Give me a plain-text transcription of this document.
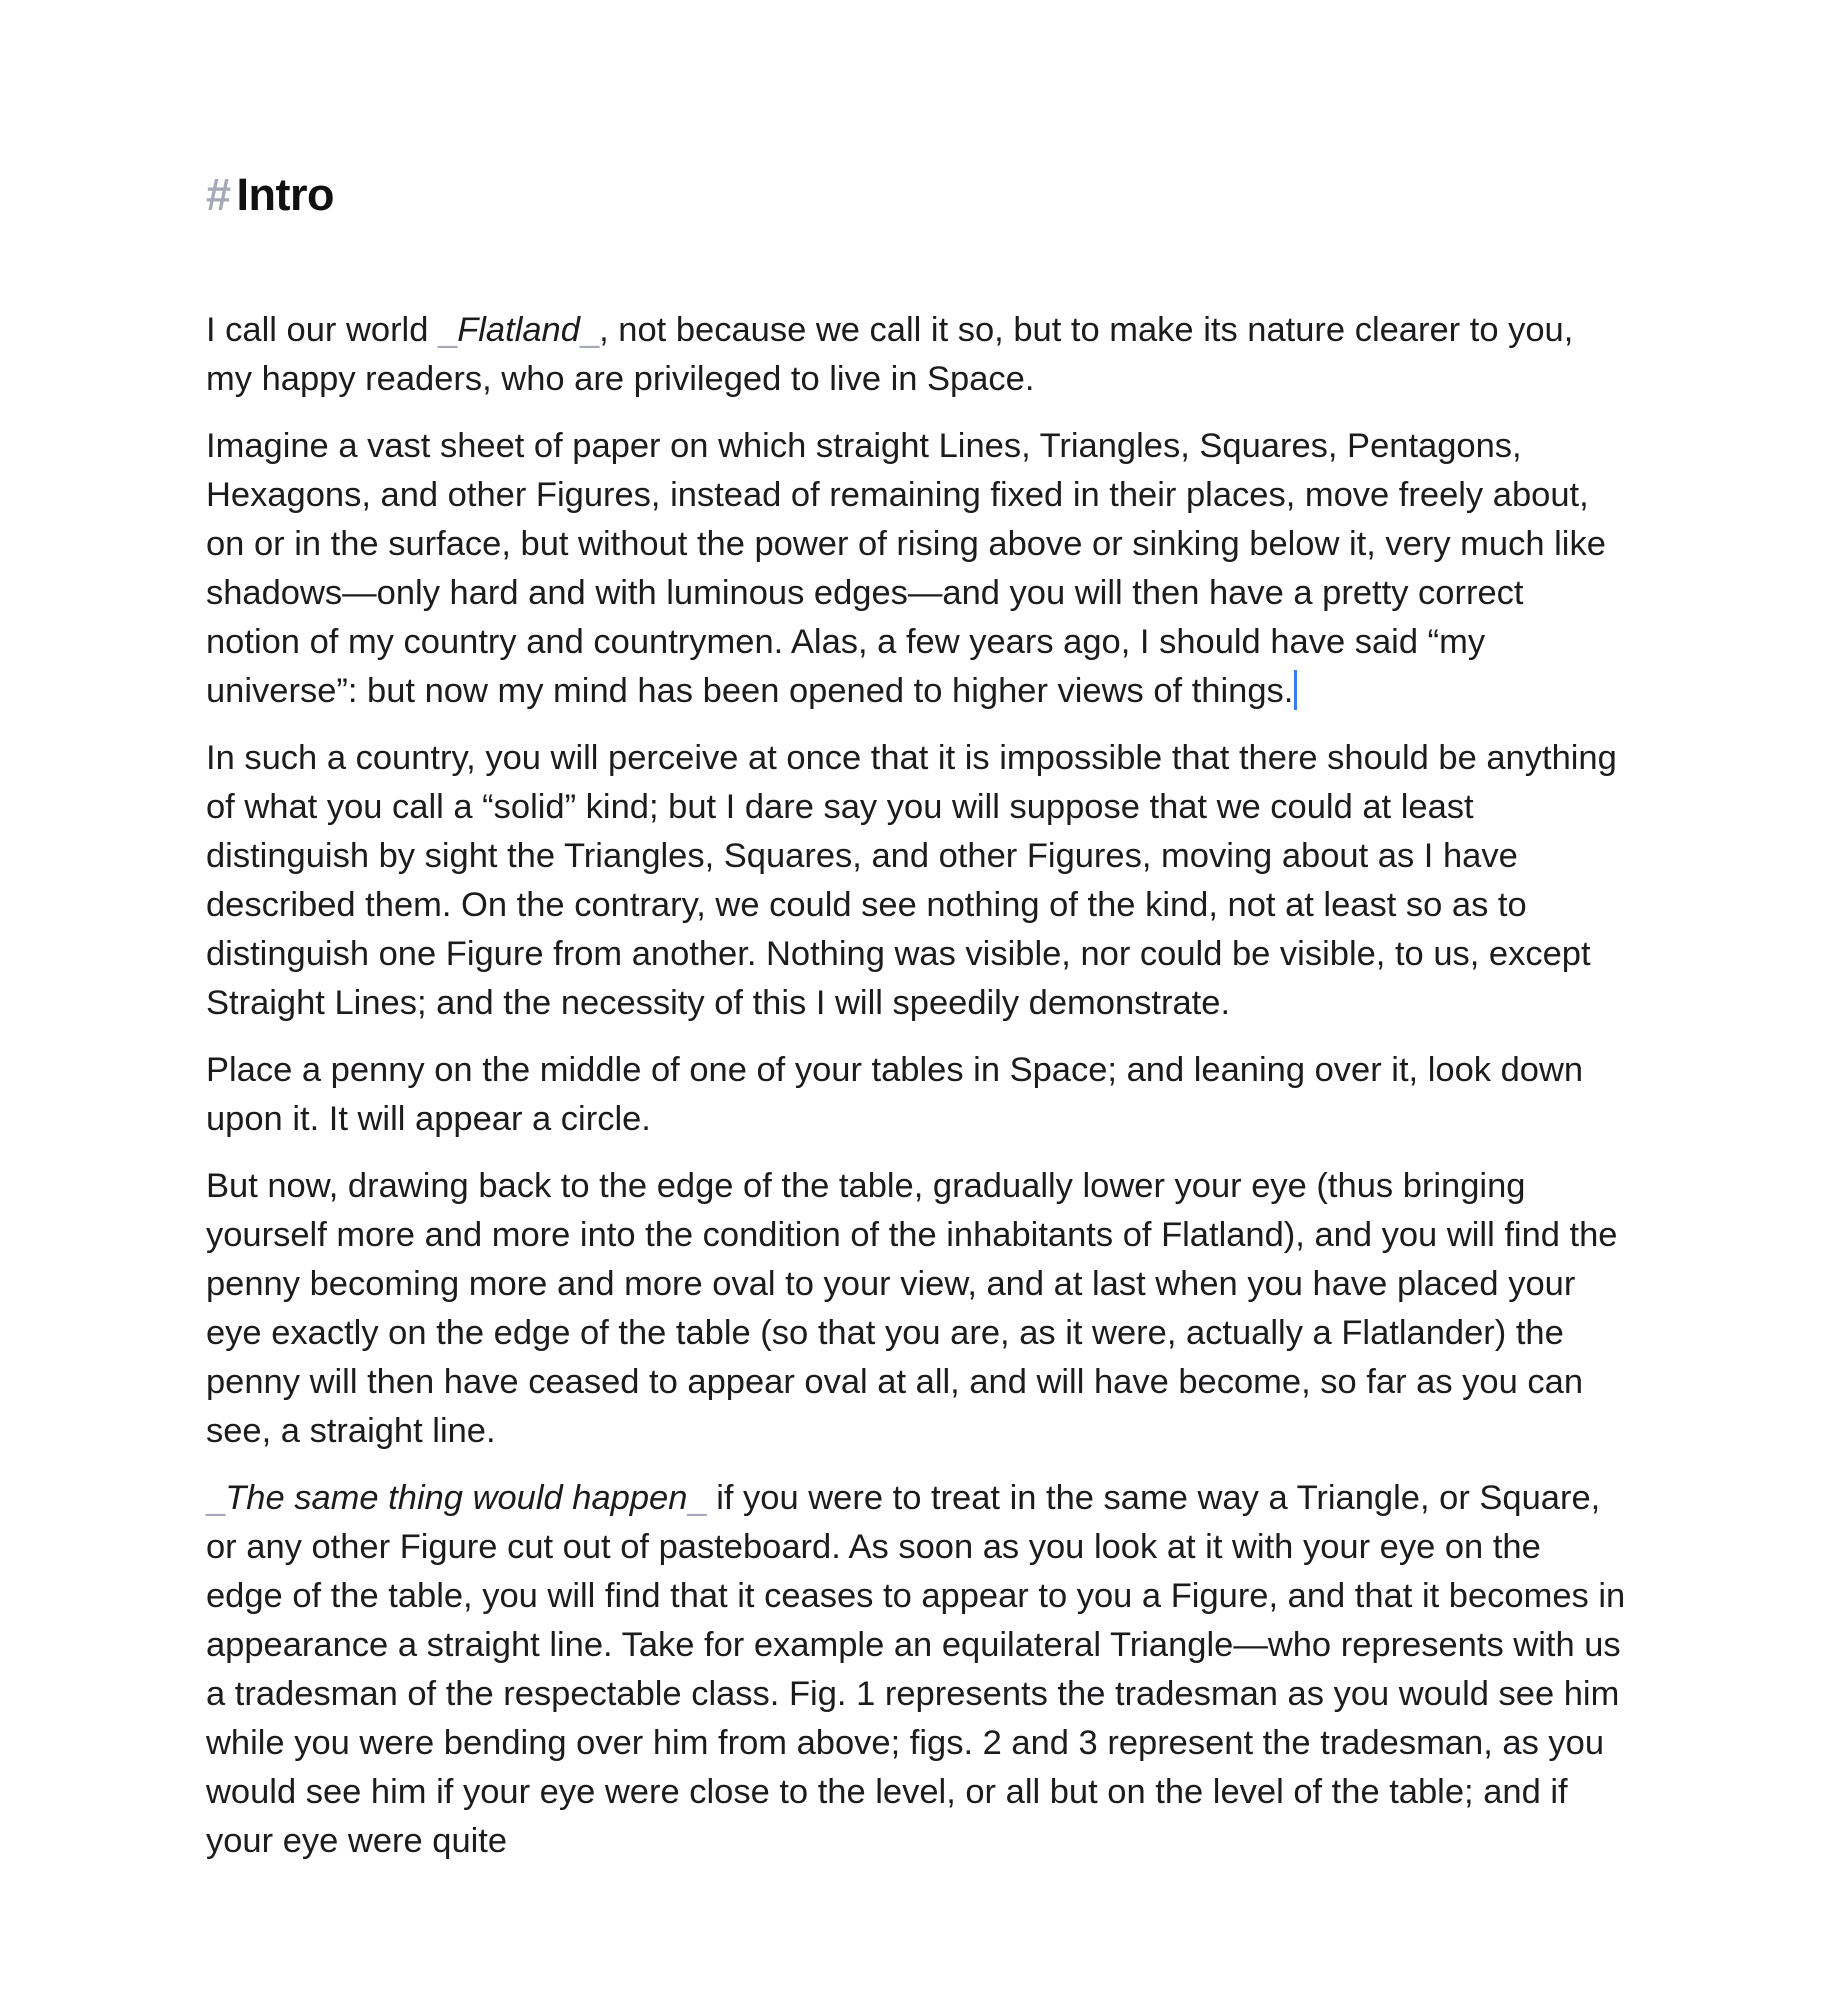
# Intro

I call our world _Flatland_, not because we call it so, but to make its nature clearer to you, my happy readers, who are privileged to live in Space.

Imagine a vast sheet of paper on which straight Lines, Triangles, Squares, Pentagons, Hexagons, and other Figures, instead of remaining fixed in their places, move freely about, on or in the surface, but without the power of rising above or sinking below it, very much like shadows—only hard and with luminous edges—and you will then have a pretty correct notion of my country and countrymen. Alas, a few years ago, I should have said “my universe”: but now my mind has been opened to higher views of things.

In such a country, you will perceive at once that it is impossible that there should be anything of what you call a “solid” kind; but I dare say you will suppose that we could at least distinguish by sight the Triangles, Squares, and other Figures, moving about as I have described them. On the contrary, we could see nothing of the kind, not at least so as to distinguish one Figure from another. Nothing was visible, nor could be visible, to us, except Straight Lines; and the necessity of this I will speedily demonstrate.

Place a penny on the middle of one of your tables in Space; and leaning over it, look down upon it. It will appear a circle.

But now, drawing back to the edge of the table, gradually lower your eye (thus bringing yourself more and more into the condition of the inhabitants of Flatland), and you will find the penny becoming more and more oval to your view, and at last when you have placed your eye exactly on the edge of the table (so that you are, as it were, actually a Flatlander) the penny will then have ceased to appear oval at all, and will have become, so far as you can see, a straight line.

_The same thing would happen_ if you were to treat in the same way a Triangle, or Square, or any other Figure cut out of pasteboard. As soon as you look at it with your eye on the edge of the table, you will find that it ceases to appear to you a Figure, and that it becomes in appearance a straight line. Take for example an equilateral Triangle—who represents with us a tradesman of the respectable class. Fig. 1 represents the tradesman as you would see him while you were bending over him from above; figs. 2 and 3 represent the tradesman, as you would see him if your eye were close to the level, or all but on the level of the table; and if your eye were quite
